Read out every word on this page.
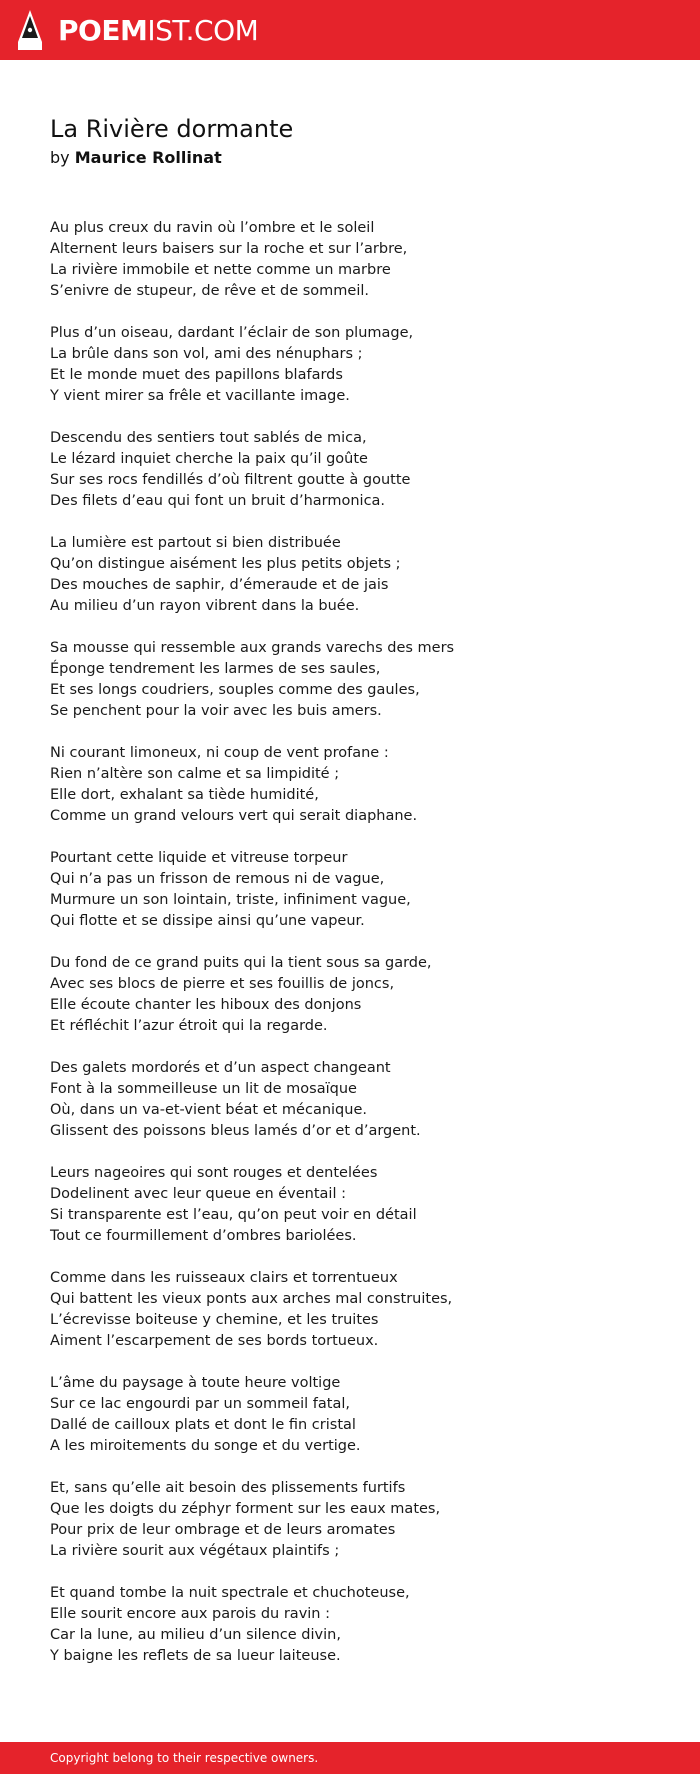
POEMIST.COM
La Rivière dormante
by Maurice Rollinat
Au plus creux du ravin où l’ombre et le soleil
Alternent leurs baisers sur la roche et sur l’arbre,
La rivière immobile et nette comme un marbre
S’enivre de stupeur, de rêve et de sommeil.
Plus d’un oiseau, dardant l’éclair de son plumage,
La brûle dans son vol, ami des nénuphars ;
Et le monde muet des papillons blafards
Y vient mirer sa frêle et vacillante image.
Descendu des sentiers tout sablés de mica,
Le lézard inquiet cherche la paix qu’il goûte
Sur ses rocs fendillés d’où filtrent goutte à goutte
Des filets d’eau qui font un bruit d’harmonica.
La lumière est partout si bien distribuée
Qu’on distingue aisément les plus petits objets ;
Des mouches de saphir, d’émeraude et de jais
Au milieu d’un rayon vibrent dans la buée.
Sa mousse qui ressemble aux grands varechs des mers
Éponge tendrement les larmes de ses saules,
Et ses longs coudriers, souples comme des gaules,
Se penchent pour la voir avec les buis amers.
Ni courant limoneux, ni coup de vent profane :
Rien n’altère son calme et sa limpidité ;
Elle dort, exhalant sa tiède humidité,
Comme un grand velours vert qui serait diaphane.
Pourtant cette liquide et vitreuse torpeur
Qui n’a pas un frisson de remous ni de vague,
Murmure un son lointain, triste, infiniment vague,
Qui flotte et se dissipe ainsi qu’une vapeur.
Du fond de ce grand puits qui la tient sous sa garde,
Avec ses blocs de pierre et ses fouillis de joncs,
Elle écoute chanter les hiboux des donjons
Et réfléchit l’azur étroit qui la regarde.
Des galets mordorés et d’un aspect changeant
Font à la sommeilleuse un lit de mosaïque
Où, dans un va-et-vient béat et mécanique.
Glissent des poissons bleus lamés d’or et d’argent.
Leurs nageoires qui sont rouges et dentelées
Dodelinent avec leur queue en éventail :
Si transparente est l’eau, qu’on peut voir en détail
Tout ce fourmillement d’ombres bariolées.
Comme dans les ruisseaux clairs et torrentueux
Qui battent les vieux ponts aux arches mal construites,
L’écrevisse boiteuse y chemine, et les truites
Aiment l’escarpement de ses bords tortueux.
L’âme du paysage à toute heure voltige
Sur ce lac engourdi par un sommeil fatal,
Dallé de cailloux plats et dont le fin cristal
A les miroitements du songe et du vertige.
Et, sans qu’elle ait besoin des plissements furtifs
Que les doigts du zéphyr forment sur les eaux mates,
Pour prix de leur ombrage et de leurs aromates
La rivière sourit aux végétaux plaintifs ;
Et quand tombe la nuit spectrale et chuchoteuse,
Elle sourit encore aux parois du ravin :
Car la lune, au milieu d’un silence divin,
Y baigne les reflets de sa lueur laiteuse.
Copyright belong to their respective owners.
